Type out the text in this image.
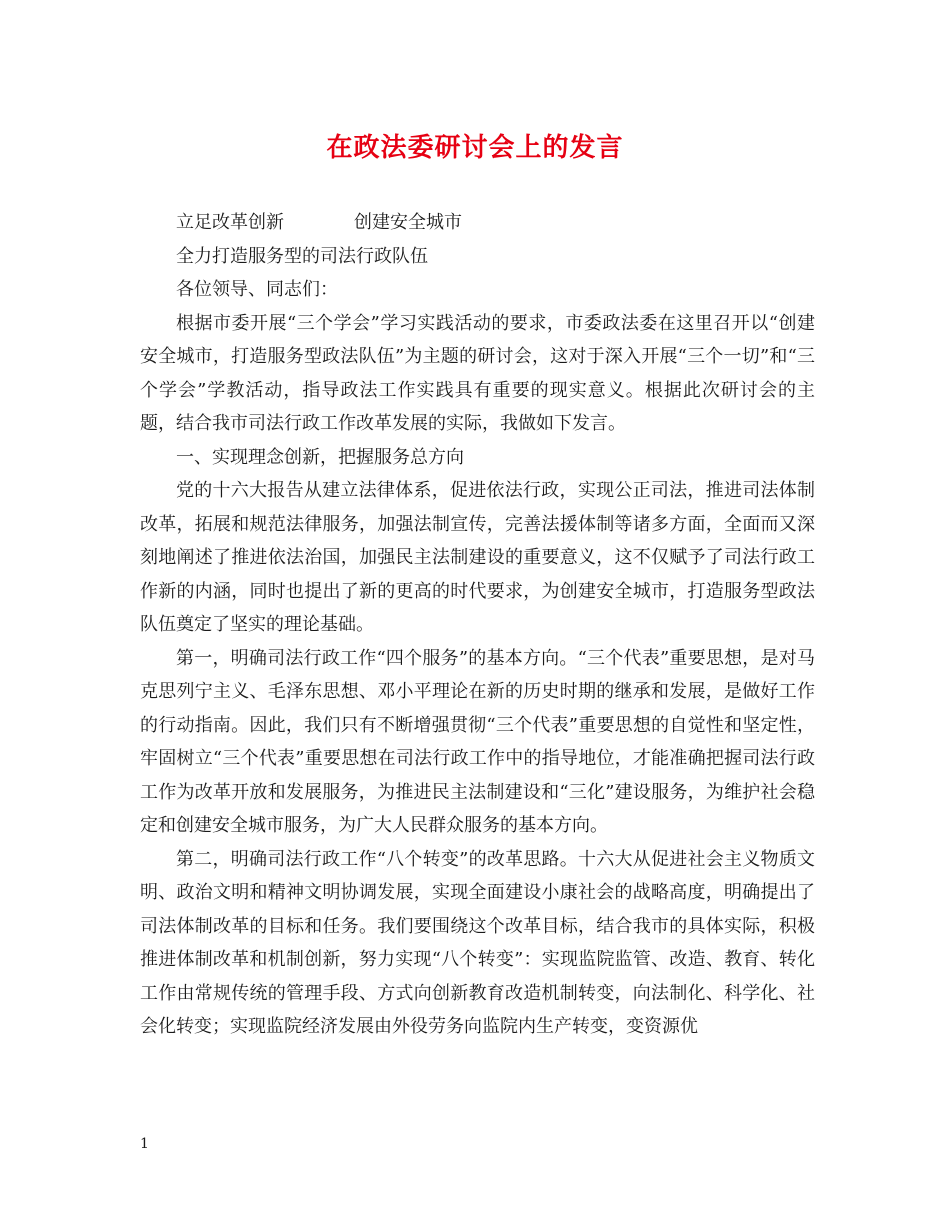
在政法委研讨会上的发言
立足改革创新	创建安全城市

全力打造服务型的司法行政队伍

各位领导、同志们：

根据市委开展“三个学会”学习实践活动的要求，市委政法委在这里召开以“创建安全城市，打造服务型政法队伍”为主题的研讨会，这对于深入开展“三个一切”和“三个学会”学教活动，指导政法工作实践具有重要的现实意义。根据此次研讨会的主题，结合我市司法行政工作改革发展的实际，我做如下发言。

一、实现理念创新，把握服务总方向

党的十六大报告从建立法律体系，促进依法行政，实现公正司法，推进司法体制改革，拓展和规范法律服务，加强法制宣传，完善法援体制等诸多方面，全面而又深刻地阐述了推进依法治国，加强民主法制建设的重要意义，这不仅赋予了司法行政工作新的内涵，同时也提出了新的更高的时代要求，为创建安全城市，打造服务型政法队伍奠定了坚实的理论基础。

第一，明确司法行政工作“四个服务”的基本方向。“三个代表”重要思想，是对马克思列宁主义、毛泽东思想、邓小平理论在新的历史时期的继承和发展，是做好工作的行动指南。因此，我们只有不断增强贯彻“三个代表”重要思想的自觉性和坚定性，牢固树立“三个代表”重要思想在司法行政工作中的指导地位，才能准确把握司法行政工作为改革开放和发展服务，为推进民主法制建设和“三化”建设服务，为维护社会稳定和创建安全城市服务，为广大人民群众服务的基本方向。

第二，明确司法行政工作“八个转变”的改革思路。十六大从促进社会主义物质文明、政治文明和精神文明协调发展，实现全面建设小康社会的战略高度，明确提出了司法体制改革的目标和任务。我们要围绕这个改革目标，结合我市的具体实际，积极推进体制改革和机制创新，努力实现“八个转变”：实现监院监管、改造、教育、转化工作由常规传统的管理手段、方式向创新教育改造机制转变，向法制化、科学化、社会化转变；实现监院经济发展由外役劳务向监院内生产转变，变资源优

1
